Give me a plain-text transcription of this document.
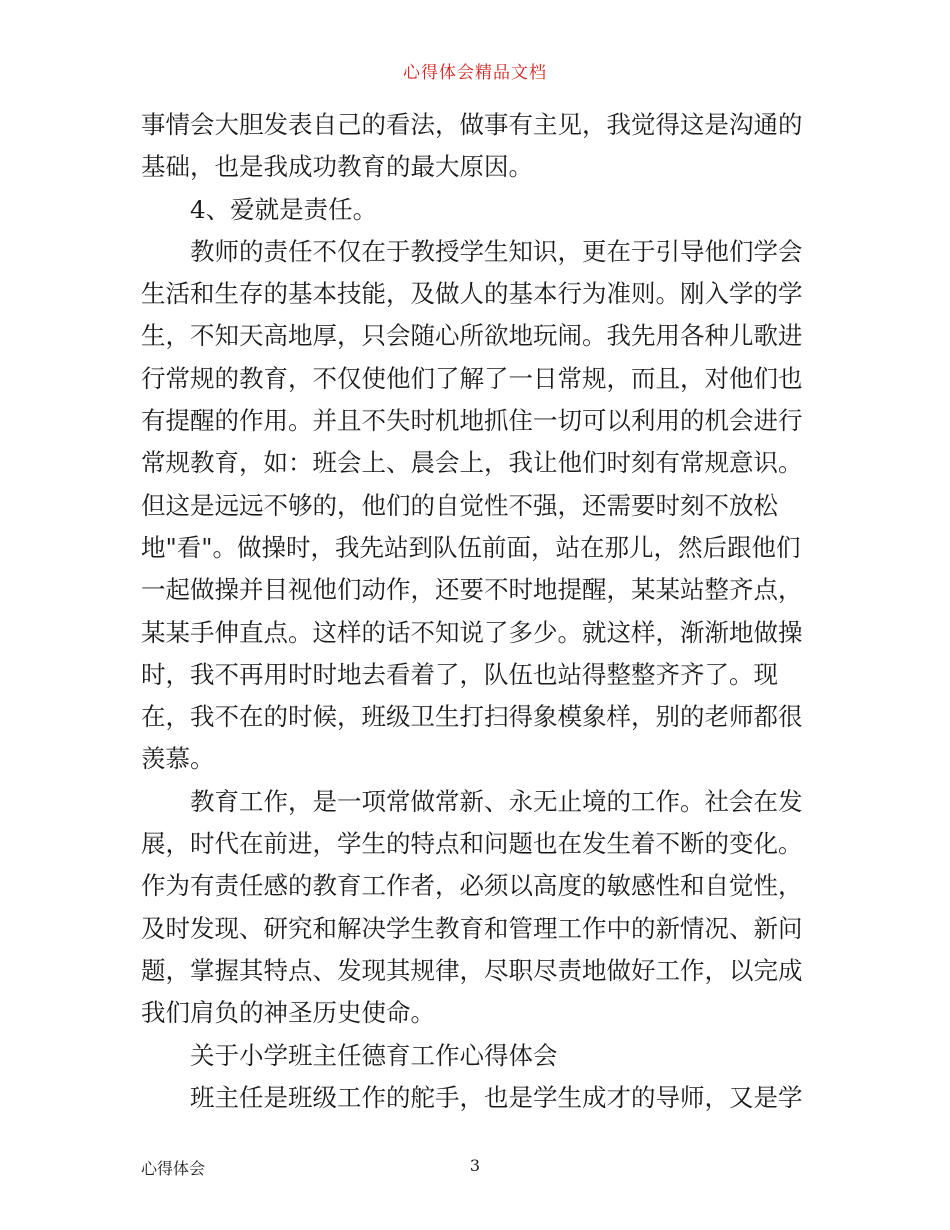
心得体会精品文档
事情会大胆发表自己的看法，做事有主见，我觉得这是沟通的
基础，也是我成功教育的最大原因。
4、爱就是责任。
教师的责任不仅在于教授学生知识，更在于引导他们学会
生活和生存的基本技能，及做人的基本行为准则。刚入学的学
生，不知天高地厚，只会随心所欲地玩闹。我先用各种儿歌进
行常规的教育，不仅使他们了解了一日常规，而且，对他们也
有提醒的作用。并且不失时机地抓住一切可以利用的机会进行
常规教育，如：班会上、晨会上，我让他们时刻有常规意识。
但这是远远不够的，他们的自觉性不强，还需要时刻不放松
地"看"。做操时，我先站到队伍前面，站在那儿，然后跟他们
一起做操并目视他们动作，还要不时地提醒，某某站整齐点，
某某手伸直点。这样的话不知说了多少。就这样，渐渐地做操
时，我不再用时时地去看着了，队伍也站得整整齐齐了。现
在，我不在的时候，班级卫生打扫得象模象样，别的老师都很
羡慕。
教育工作，是一项常做常新、永无止境的工作。社会在发
展，时代在前进，学生的特点和问题也在发生着不断的变化。
作为有责任感的教育工作者，必须以高度的敏感性和自觉性，
及时发现、研究和解决学生教育和管理工作中的新情况、新问
题，掌握其特点、发现其规律，尽职尽责地做好工作，以完成
我们肩负的神圣历史使命。
关于小学班主任德育工作心得体会
班主任是班级工作的舵手，也是学生成才的导师，又是学
心得体会	3
